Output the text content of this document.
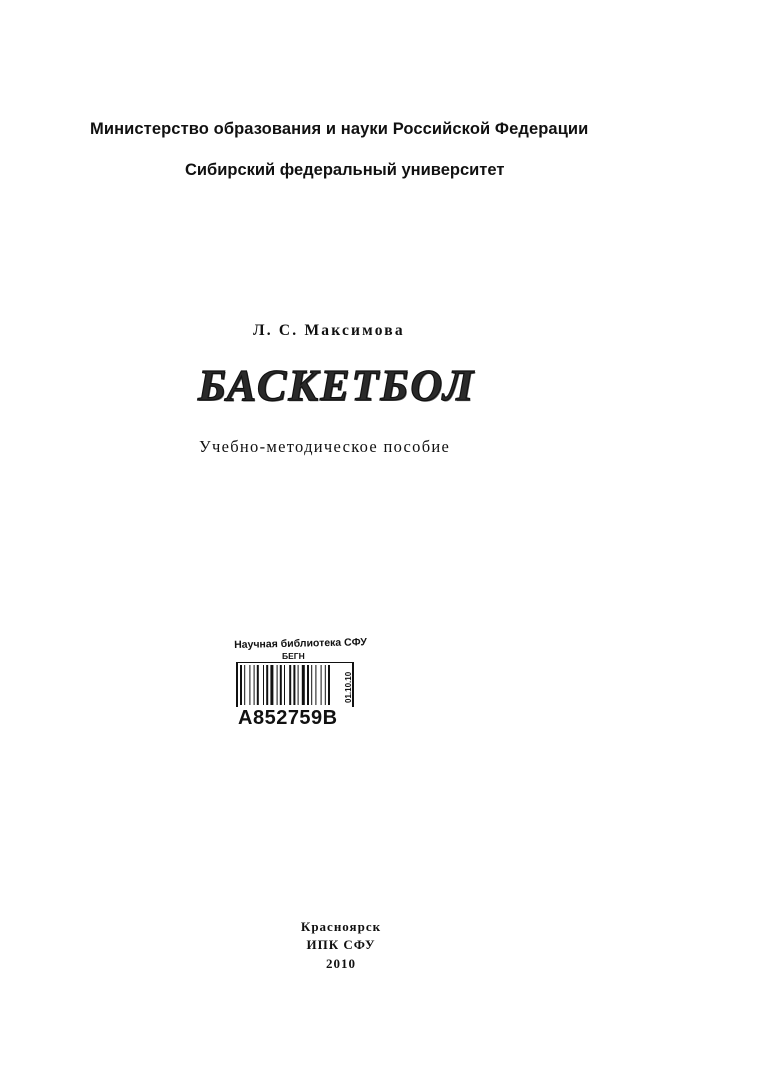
Министерство образования и науки Российской Федерации
Сибирский федеральный университет
Л. С. Максимова
БАСКЕТБОЛ
Учебно-методическое пособие
Научная библиотека СФУ
БЕГН
А852759В
01.10.10
Красноярск
ИПК СФУ
2010
